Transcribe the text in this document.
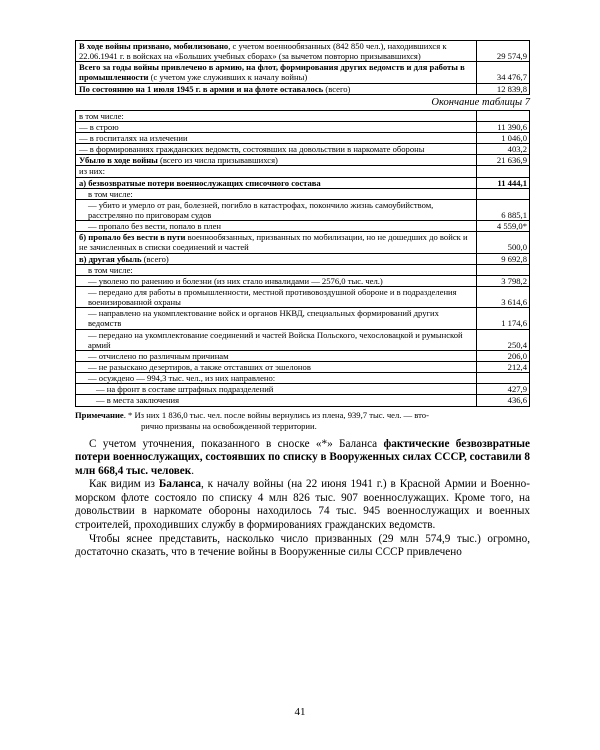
В ходе войны призвано, мобилизовано, с учетом военнообязанных (842 850 чел.), находившихся к 22.06.1941 г. в войсках на «Больших учебных сборах» (за вычетом повторно призывавшихся)	29 574,9
Всего за годы войны привлечено в армию, на флот, формирования других ведомств и для работы в промышленности (с учетом уже служивших к началу войны)	34 476,7
По состоянию на 1 июля 1945 г. в армии и на флоте оставалось (всего)	12 839,8
Окончание таблицы 7
в том числе:	
— в строю	11 390,6
— в госпиталях на излечении	1 046,0
— в формированиях гражданских ведомств, состоявших на довольствии в наркомате обороны	403,2
Убыло в ходе войны (всего из числа призывавшихся)	21 636,9
из них:	
а) безвозвратные потери военнослужащих списочного состава	11 444,1
в том числе:	
— убито и умерло от ран, болезней, погибло в катастрофах, покончило жизнь самоубийством, расстреляно по приговорам судов	6 885,1
— пропало без вести, попало в плен	4 559,0*
б) пропало без вести в пути военнообязанных, призванных по мобилизации, но не дошедших до войск и не зачисленных в списки соединений и частей	500,0
в) другая убыль (всего)	9 692,8
в том числе:	
— уволено по ранению и болезни (из них стало инвалидами — 2576,0 тыс. чел.)	3 798,2
— передано для работы в промышленности, местной противовоздушной обороне и в подразделения военизированной охраны	3 614,6
— направлено на укомплектование войск и органов НКВД, специальных формирований других ведомств	1 174,6
— передано на укомплектование соединений и частей Войска Польского, чехословацкой и румынской армий	250,4
— отчислено по различным причинам	206,0
— не разыскано дезертиров, а также отставших от эшелонов	212,4
— осуждено — 994,3 тыс. чел., из них направлено:	
— на фронт в составе штрафных подразделений	427,9
— в места заключения	436,6
Примечание. * Из них 1 836,0 тыс. чел. после войны вернулись из плена, 939,7 тыс. чел. — вто-
рично призваны на освобожденной территории.

С учетом уточнения, показанного в сноске «*» Баланса фактические безвозвратные потери военнослужащих, состоявших по списку в Вооруженных силах СССР, составили 8 млн 668,4 тыс. человек.

Как видим из Баланса, к началу войны (на 22 июня 1941 г.) в Красной Армии и Военно-морском флоте состояло по списку 4 млн 826 тыс. 907 военнослужащих. Кроме того, на довольствии в наркомате обороны находилось 74 тыс. 945 военнослужащих и военных строителей, проходивших службу в формированиях гражданских ведомств.

Чтобы яснее представить, насколько число призванных (29 млн 574,9 тыс.) огромно, достаточно сказать, что в течение войны в Вооруженные силы СССР привлечено

41
